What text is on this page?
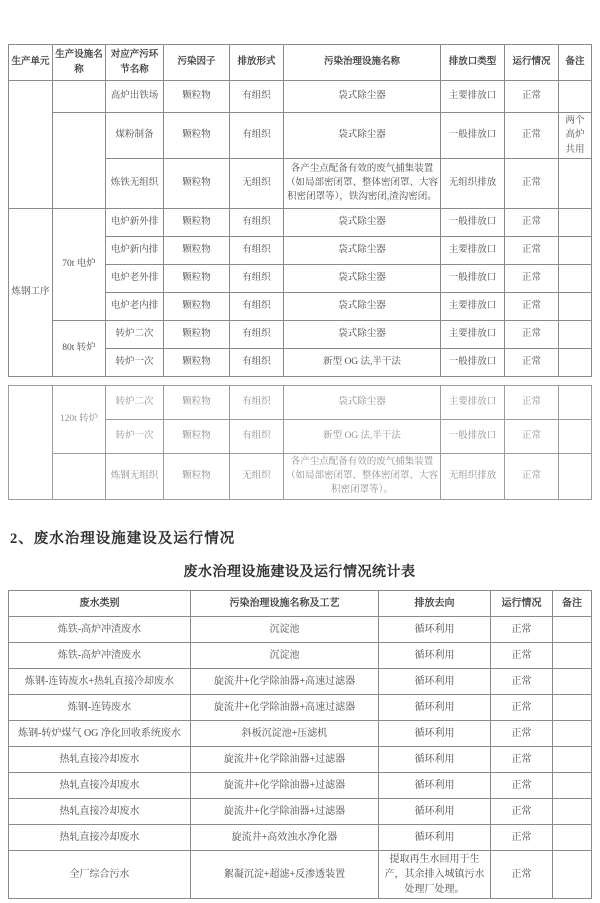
生产单元	生产设施名称	对应产污环节名称	污染因子	排放形式	污染治理设施名称	排放口类型	运行情况	备注
		高炉出铁场	颗粒物	有组织	袋式除尘器	主要排放口	正常	
		煤粉制备	颗粒物	有组织	袋式除尘器	一般排放口	正常	两个高炉共用
		炼铁无组织	颗粒物	无组织	各产尘点配备有效的废气捕集装置（如局部密闭罩、整体密闭罩、大容积密闭罩等），铁沟密闭,渣沟密闭。	无组织排放	正常	
炼钢工序	70t 电炉	电炉新外排	颗粒物	有组织	袋式除尘器	一般排放口	正常	
		电炉新内排	颗粒物	有组织	袋式除尘器	主要排放口	正常	
		电炉老外排	颗粒物	有组织	袋式除尘器	一般排放口	正常	
		电炉老内排	颗粒物	有组织	袋式除尘器	主要排放口	正常	
	80t 转炉	转炉二次	颗粒物	有组织	袋式除尘器	主要排放口	正常	
		转炉一次	颗粒物	有组织	新型 OG 法,半干法	一般排放口	正常	
	120t 转炉	转炉二次	颗粒物	有组织	袋式除尘器	主要排放口	正常	
		转炉一次	颗粒物	有组织	新型 OG 法,半干法	一般排放口	正常	
		炼钢无组织	颗粒物	无组织	各产尘点配备有效的废气捕集装置（如局部密闭罩、整体密闭罩、大容积密闭罩等）。	无组织排放	正常	
2、废水治理设施建设及运行情况
废水治理设施建设及运行情况统计表
废水类别	污染治理设施名称及工艺	排放去向	运行情况	备注
炼铁-高炉冲渣废水	沉淀池	循环利用	正常	
炼铁-高炉冲渣废水	沉淀池	循环利用	正常	
炼钢-连铸废水+热轧直接冷却废水	旋流井+化学除油器+高速过滤器	循环利用	正常	
炼钢-连铸废水	旋流井+化学除油器+高速过滤器	循环利用	正常	
炼钢-转炉煤气 OG 净化回收系统废水	斜板沉淀池+压滤机	循环利用	正常	
热轧直接冷却废水	旋流井+化学除油器+过滤器	循环利用	正常	
热轧直接冷却废水	旋流井+化学除油器+过滤器	循环利用	正常	
热轧直接冷却废水	旋流井+化学除油器+过滤器	循环利用	正常	
热轧直接冷却废水	旋流井+高效浊水净化器	循环利用	正常	
全厂综合污水	絮凝沉淀+超滤+反渗透装置	提取再生水回用于生产，其余排入城镇污水处理厂处理。	正常	
